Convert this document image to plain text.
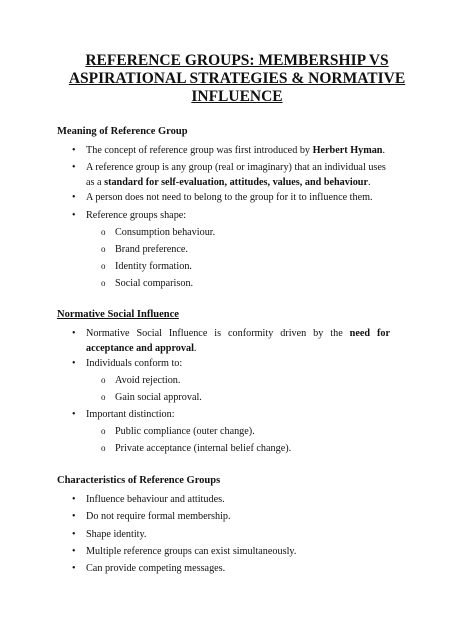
REFERENCE GROUPS: MEMBERSHIP VS
ASPIRATIONAL STRATEGIES & NORMATIVE
INFLUENCE
Meaning of Reference Group
• The concept of reference group was first introduced by Herbert Hyman.
• A reference group is any group (real or imaginary) that an individual uses as a standard for self-evaluation, attitudes, values, and behaviour.
• A person does not need to belong to the group for it to influence them.
• Reference groups shape:
o Consumption behaviour.
o Brand preference.
o Identity formation.
o Social comparison.
Normative Social Influence
• Normative Social Influence is conformity driven by the need for acceptance and approval.
• Individuals conform to:
o Avoid rejection.
o Gain social approval.
• Important distinction:
o Public compliance (outer change).
o Private acceptance (internal belief change).
Characteristics of Reference Groups
• Influence behaviour and attitudes.
• Do not require formal membership.
• Shape identity.
• Multiple reference groups can exist simultaneously.
• Can provide competing messages.
